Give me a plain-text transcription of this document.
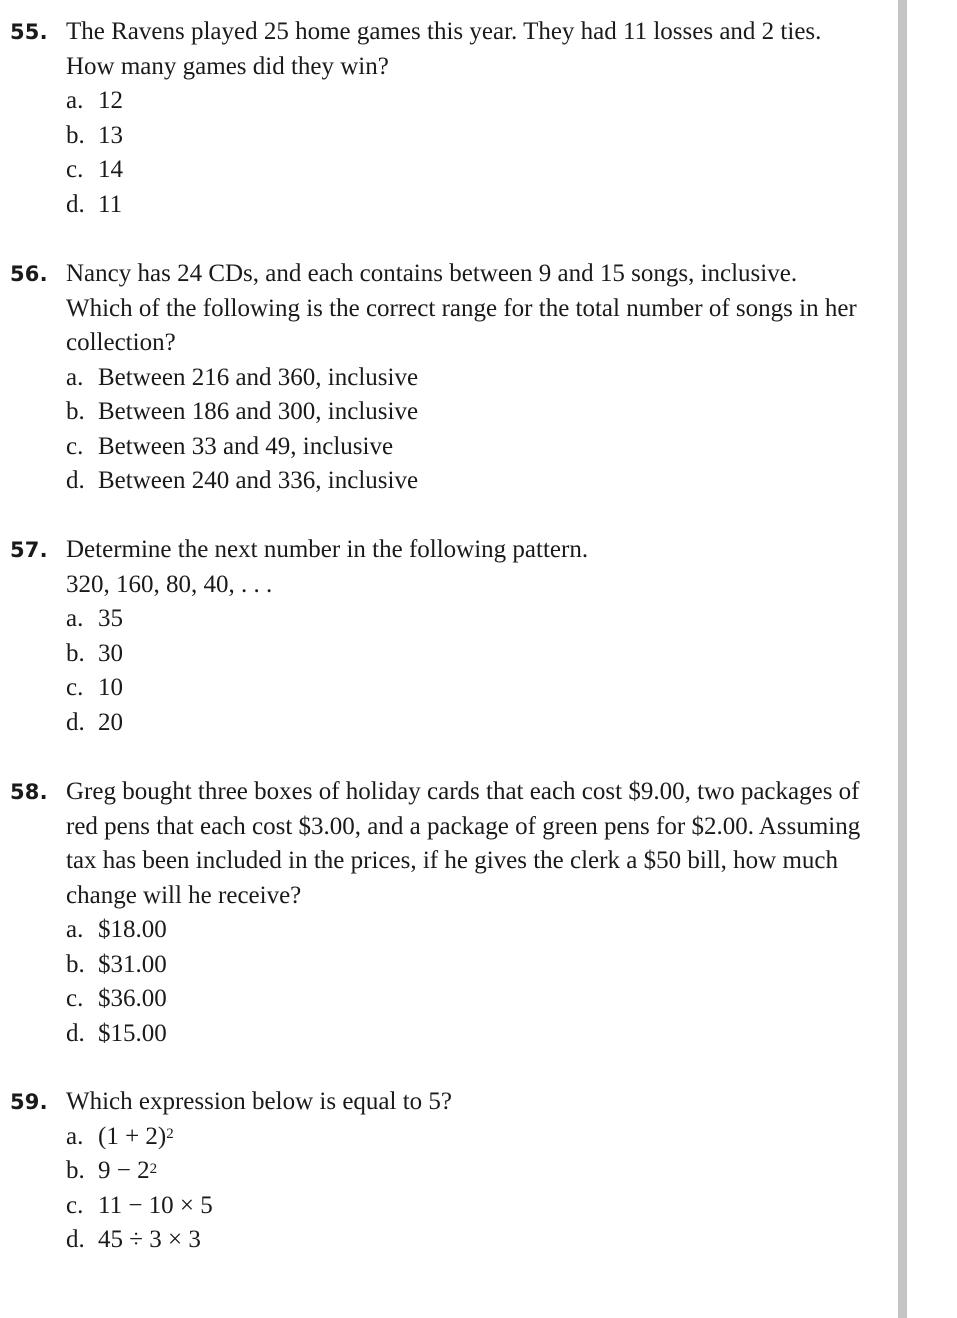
55. The Ravens played 25 home games this year. They had 11 losses and 2 ties. How many games did they win?
a. 12
b. 13
c. 14
d. 11
56. Nancy has 24 CDs, and each contains between 9 and 15 songs, inclusive. Which of the following is the correct range for the total number of songs in her collection?
a. Between 216 and 360, inclusive
b. Between 186 and 300, inclusive
c. Between 33 and 49, inclusive
d. Between 240 and 336, inclusive
57. Determine the next number in the following pattern.
320, 160, 80, 40, . . .
a. 35
b. 30
c. 10
d. 20
58. Greg bought three boxes of holiday cards that each cost $9.00, two packages of red pens that each cost $3.00, and a package of green pens for $2.00. Assuming tax has been included in the prices, if he gives the clerk a $50 bill, how much change will he receive?
a. $18.00
b. $31.00
c. $36.00
d. $15.00
59. Which expression below is equal to 5?
a. $(1 + 2)^2$
b. $9 - 2^2$
c. 11 − 10 × 5
d. 45 ÷ 3 × 3
